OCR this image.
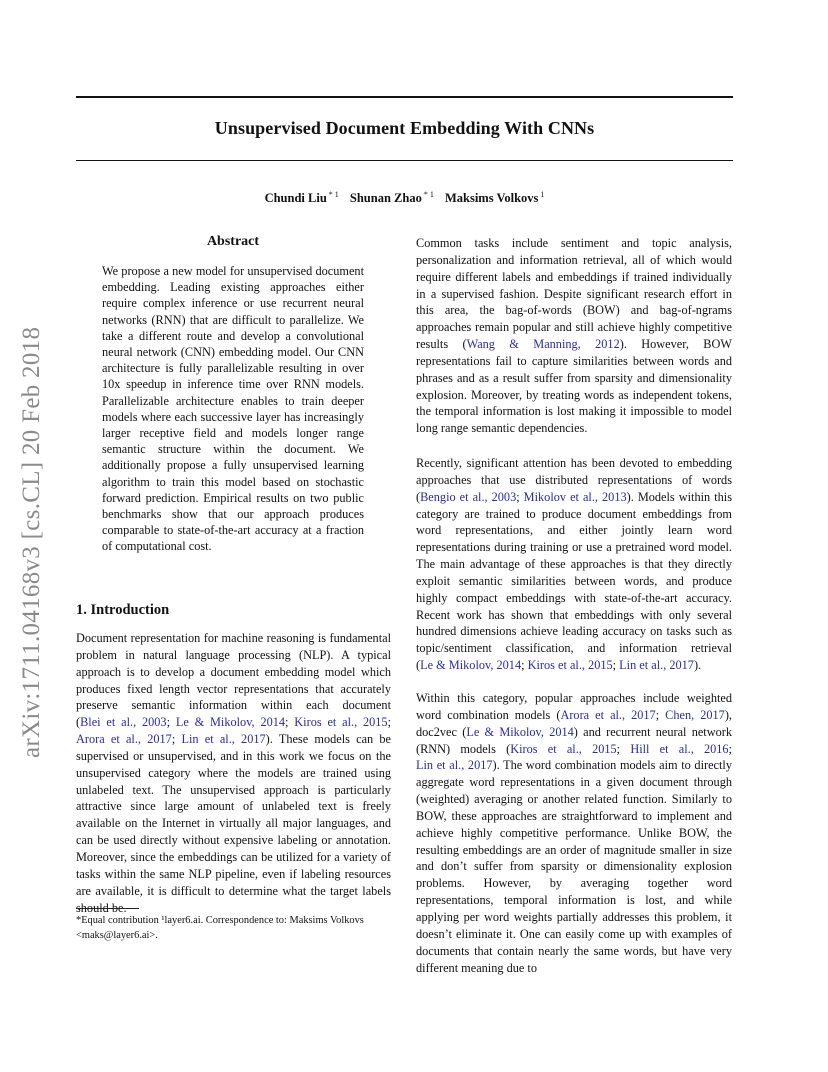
arXiv:1711.04168v3 [cs.CL] 20 Feb 2018
Unsupervised Document Embedding With CNNs
Chundi Liu $^{* 1}$ Shunan Zhao $^{* 1}$ Maksims Volkovs $^1$
Abstract

We propose a new model for unsupervised document embedding. Leading existing approaches either require complex inference or use recurrent neural networks (RNN) that are difficult to parallelize. We take a different route and develop a convolutional neural network (CNN) embedding model. Our CNN architecture is fully parallelizable resulting in over 10x speedup in inference time over RNN models. Parallelizable architecture enables to train deeper models where each successive layer has increasingly larger receptive field and models longer range semantic structure within the document. We additionally propose a fully unsupervised learning algorithm to train this model based on stochastic forward prediction. Empirical results on two public benchmarks show that our approach produces comparable to state-of-the-art accuracy at a fraction of computational cost.

1. Introduction

Document representation for machine reasoning is fundamental problem in natural language processing (NLP). A typical approach is to develop a document embedding model which produces fixed length vector representations that accurately preserve semantic information within each document (Blei et al., 2003; Le & Mikolov, 2014; Kiros et al., 2015; Arora et al., 2017; Lin et al., 2017). These models can be supervised or unsupervised, and in this work we focus on the unsupervised category where the models are trained using unlabeled text. The unsupervised approach is particularly attractive since large amount of unlabeled text is freely available on the Internet in virtually all major languages, and can be used directly without expensive labeling or annotation. Moreover, since the embeddings can be utilized for a variety of tasks within the same NLP pipeline, even if labeling resources are available, it is difficult to determine what the target labels should be.

*Equal contribution ¹layer6.ai. Correspondence to: Maksims Volkovs <maks@layer6.ai>.

Common tasks include sentiment and topic analysis, personalization and information retrieval, all of which would require different labels and embeddings if trained individually in a supervised fashion. Despite significant research effort in this area, the bag-of-words (BOW) and bag-of-ngrams approaches remain popular and still achieve highly competitive results (Wang & Manning, 2012). However, BOW representations fail to capture similarities between words and phrases and as a result suffer from sparsity and dimensionality explosion. Moreover, by treating words as independent tokens, the temporal information is lost making it impossible to model long range semantic dependencies.

Recently, significant attention has been devoted to embedding approaches that use distributed representations of words (Bengio et al., 2003; Mikolov et al., 2013). Models within this category are trained to produce document embeddings from word representations, and either jointly learn word representations during training or use a pretrained word model. The main advantage of these approaches is that they directly exploit semantic similarities between words, and produce highly compact embeddings with state-of-the-art accuracy. Recent work has shown that embeddings with only several hundred dimensions achieve leading accuracy on tasks such as topic/sentiment classification, and information retrieval (Le & Mikolov, 2014; Kiros et al., 2015; Lin et al., 2017).

Within this category, popular approaches include weighted word combination models (Arora et al., 2017; Chen, 2017), doc2vec (Le & Mikolov, 2014) and recurrent neural network (RNN) models (Kiros et al., 2015; Hill et al., 2016; Lin et al., 2017). The word combination models aim to directly aggregate word representations in a given document through (weighted) averaging or another related function. Similarly to BOW, these approaches are straightforward to implement and achieve highly competitive performance. Unlike BOW, the resulting embeddings are an order of magnitude smaller in size and don’t suffer from sparsity or dimensionality explosion problems. However, by averaging together word representations, temporal information is lost, and while applying per word weights partially addresses this problem, it doesn’t eliminate it. One can easily come up with examples of documents that contain nearly the same words, but have very different meaning due to
